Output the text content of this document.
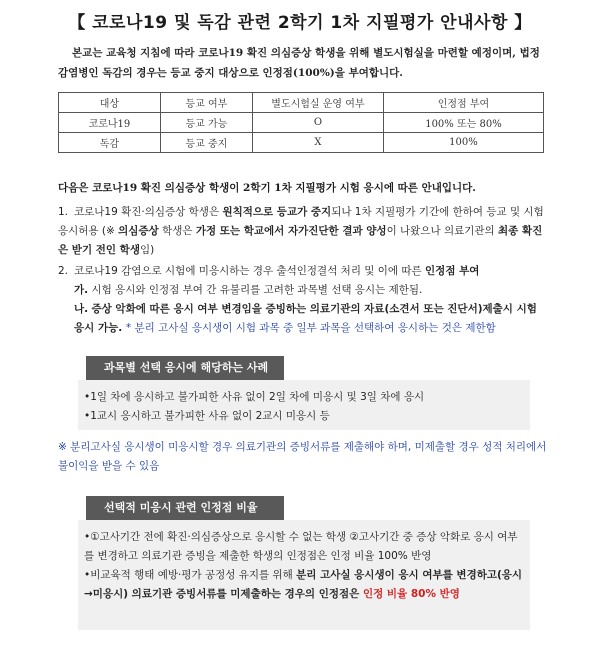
【 코로나19 및 독감 관련 2학기 1차 지필평가 안내사항 】
본교는 교육청 지침에 따라 코로나19 확진 의심증상 학생을 위해 별도시험실을 마련할 예정이며, 법정 감염병인 독감의 경우는 등교 중지 대상으로 인정점(100%)을 부여합니다.
대상	등교 여부	별도시험실 운영 여부	인정점 부여
코로나19	등교 가능	O	100% 또는 80%
독감	등교 중지	X	100%
다음은 코로나19 확진 의심증상 학생이 2학기 1차 지필평가 시험 응시에 따른 안내입니다.
1. 코로나19 확진·의심증상 학생은 원칙적으로 등교가 중지되나 1차 지필평가 기간에 한하여 등교 및 시험 응시허용 (※ 의심증상 학생은 가정 또는 학교에서 자가진단한 결과 양성이 나왔으나 의료기관의 최종 확진은 받기 전인 학생임)
2. 코로나19 감염으로 시험에 미응시하는 경우 출석인정결석 처리 및 이에 따른 인정점 부여
가. 시험 응시와 인정점 부여 간 유불리를 고려한 과목별 선택 응시는 제한됨.
나. 증상 악화에 따른 응시 여부 변경임을 증빙하는 의료기관의 자료(소견서 또는 진단서)제출시 시험 응시 가능. * 분리 고사실 응시생이 시험 과목 중 일부 과목을 선택하여 응시하는 것은 제한함
과목별 선택 응시에 해당하는 사례
•1일 차에 응시하고 불가피한 사유 없이 2일 차에 미응시 및 3일 차에 응시
•1교시 응시하고 불가피한 사유 없이 2교시 미응시 등
※ 분리고사실 응시생이 미응시할 경우 의료기관의 증빙서류를 제출해야 하며, 미제출할 경우 성적 처리에서 불이익을 받을 수 있음
선택적 미응시 관련 인정점 비율
•①고사기간 전에 확진·의심증상으로 응시할 수 없는 학생 ②고사기간 중 증상 악화로 응시 여부를 변경하고 의료기관 증빙을 제출한 학생의 인정점은 인정 비율 100% 반영
•비교육적 행태 예방·평가 공정성 유지를 위해 분리 고사실 응시생이 응시 여부를 변경하고(응시→미응시) 의료기관 증빙서류를 미제출하는 경우의 인정점은 인정 비율 80% 반영
